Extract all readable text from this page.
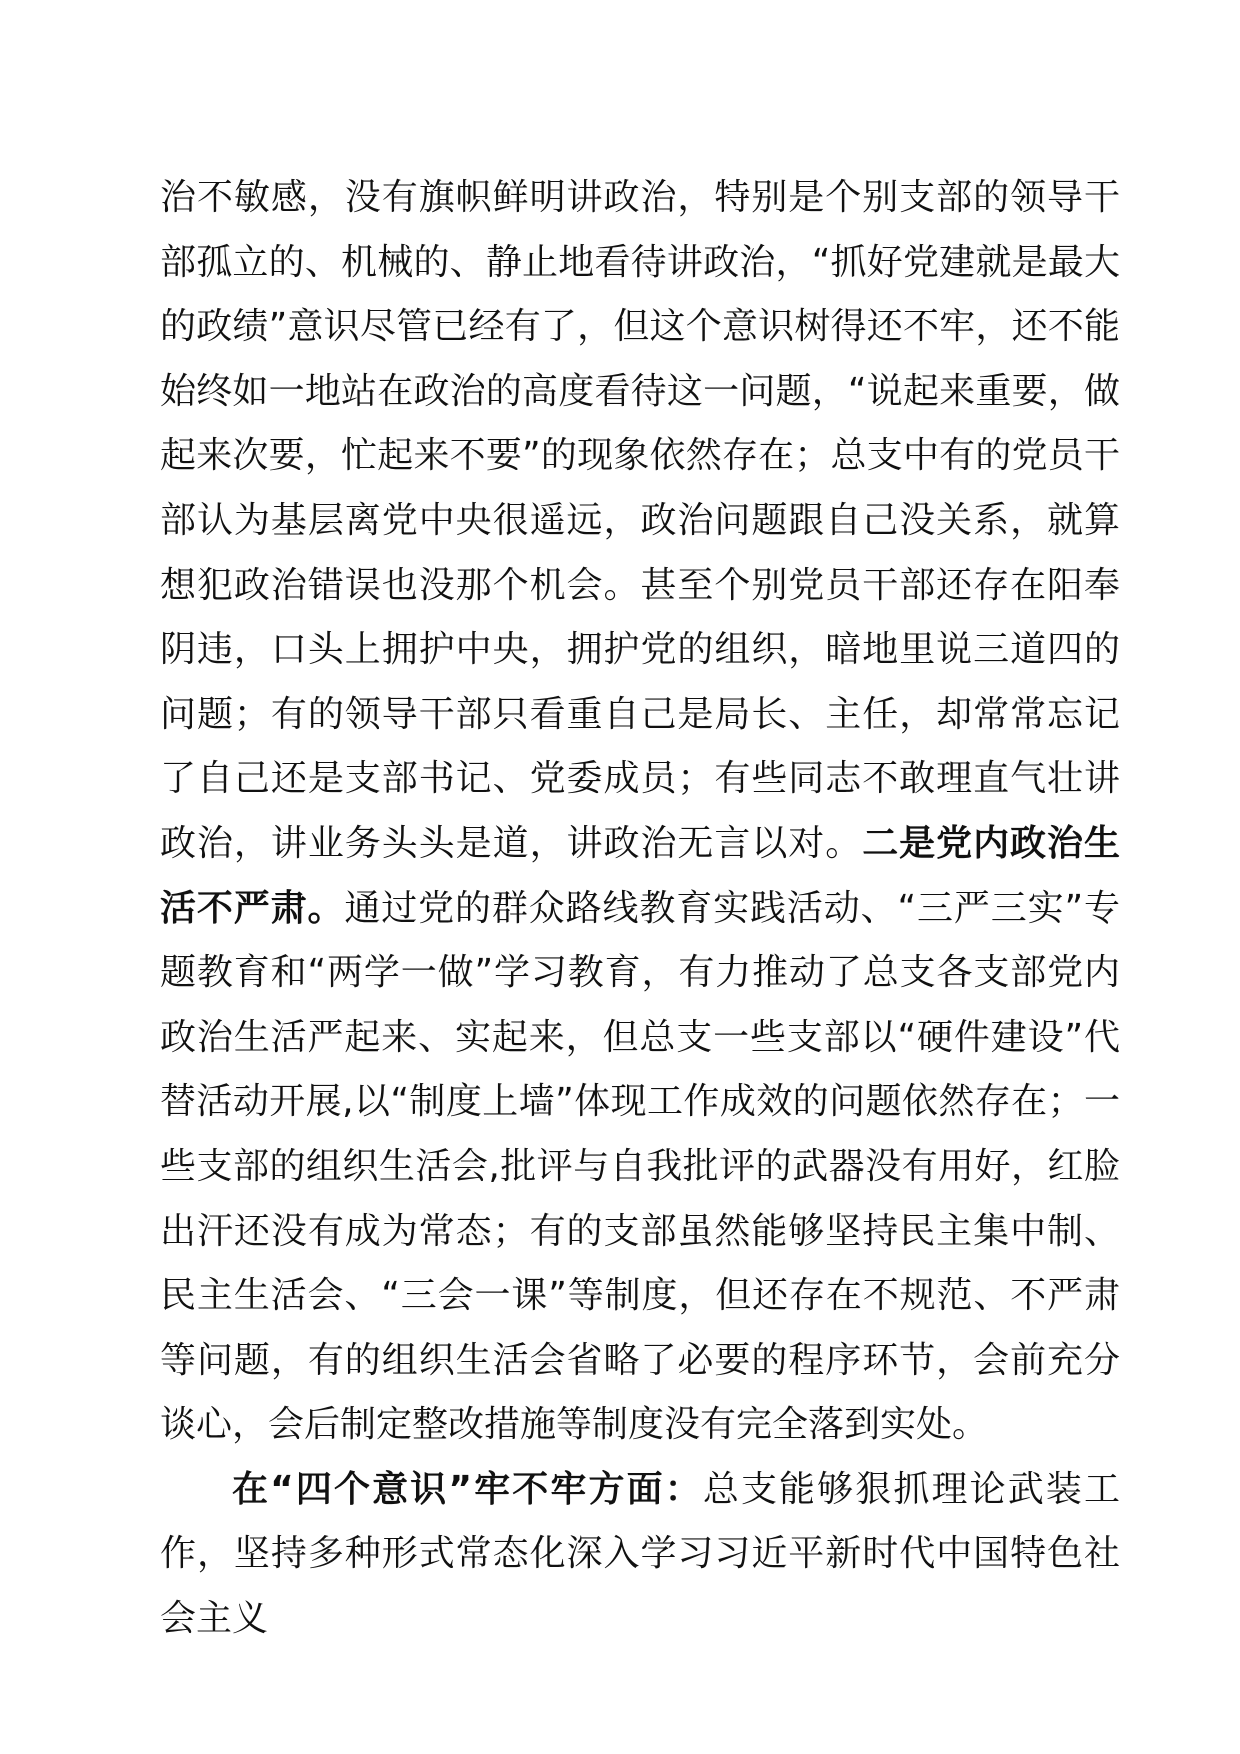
治不敏感，没有旗帜鲜明讲政治，特别是个别支部的领导干部孤立的、机械的、静止地看待讲政治，“抓好党建就是最大的政绩”意识尽管已经有了，但这个意识树得还不牢，还不能始终如一地站在政治的高度看待这一问题，“说起来重要，做起来次要，忙起来不要”的现象依然存在；总支中有的党员干部认为基层离党中央很遥远，政治问题跟自己没关系，就算想犯政治错误也没那个机会。甚至个别党员干部还存在阳奉阴违，口头上拥护中央，拥护党的组织，暗地里说三道四的问题；有的领导干部只看重自己是局长、主任，却常常忘记了自己还是支部书记、党委成员；有些同志不敢理直气壮讲政治，讲业务头头是道，讲政治无言以对。二是党内政治生活不严肃。通过党的群众路线教育实践活动、“三严三实”专题教育和“两学一做”学习教育，有力推动了总支各支部党内政治生活严起来、实起来，但总支一些支部以“硬件建设”代替活动开展,以“制度上墙”体现工作成效的问题依然存在；一些支部的组织生活会,批评与自我批评的武器没有用好，红脸出汗还没有成为常态；有的支部虽然能够坚持民主集中制、民主生活会、“三会一课”等制度，但还存在不规范、不严肃等问题，有的组织生活会省略了必要的程序环节，会前充分谈心，会后制定整改措施等制度没有完全落到实处。

在“四个意识”牢不牢方面：总支能够狠抓理论武装工作，坚持多种形式常态化深入学习习近平新时代中国特色社会主义
